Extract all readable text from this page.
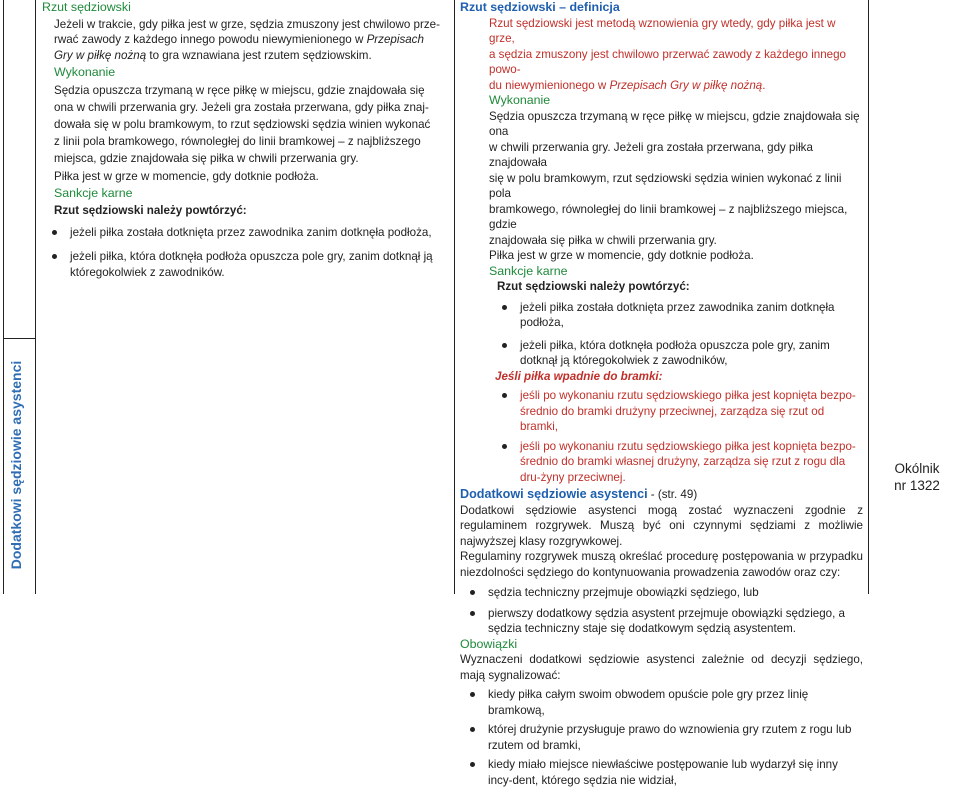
Dodatkowi sędziowie asystenci

Rzut sędziowski

Jeżeli w trakcie, gdy piłka jest w grze, sędzia zmuszony jest chwilowo prze-

rwać zawody z każdego innego powodu niewymienionego w Przepisach

Gry w piłkę nożną to gra wznawiana jest rzutem sędziowskim.

Wykonanie

Sędzia opuszcza trzymaną w ręce piłkę w miejscu, gdzie znajdowała się

ona w chwili przerwania gry. Jeżeli gra została przerwana, gdy piłka znaj-

dowała się w polu bramkowym, to rzut sędziowski sędzia winien wykonać

z linii pola bramkowego, równoległej do linii bramkowej – z najbliższego

miejsca, gdzie znajdowała się piłka w chwili przerwania gry.

Piłka jest w grze w momencie, gdy dotknie podłoża.

Sankcje karne

Rzut sędziowski należy powtórzyć:

jeżeli piłka została dotknięta przez zawodnika zanim dotknęła podłoża,
jeżeli piłka, która dotknęła podłoża opuszcza pole gry, zanim dotknął ją któregokolwiek z zawodników.

Rzut sędziowski – definicja

Rzut sędziowski jest metodą wznowienia gry wtedy, gdy piłka jest w grze,

a sędzia zmuszony jest chwilowo przerwać zawody z każdego innego powo-

du niewymienionego w Przepisach Gry w piłkę nożną.

Wykonanie

Sędzia opuszcza trzymaną w ręce piłkę w miejscu, gdzie znajdowała się ona

w chwili przerwania gry. Jeżeli gra została przerwana, gdy piłka znajdowała

się w polu bramkowym, rzut sędziowski sędzia winien wykonać z linii pola

bramkowego, równoległej do linii bramkowej – z najbliższego miejsca, gdzie

znajdowała się piłka w chwili przerwania gry.

Piłka jest w grze w momencie, gdy dotknie podłoża.

Sankcje karne

Rzut sędziowski należy powtórzyć:

jeżeli piłka została dotknięta przez zawodnika zanim dotknęła podłoża,
jeżeli piłka, która dotknęła podłoża opuszcza pole gry, zanim dotknął ją któregokolwiek z zawodników,

Jeśli piłka wpadnie do bramki:

jeśli po wykonaniu rzutu sędziowskiego piłka jest kopnięta bezpo-średnio do bramki drużyny przeciwnej, zarządza się rzut od bramki,
jeśli po wykonaniu rzutu sędziowskiego piłka jest kopnięta bezpo-średnio do bramki własnej drużyny, zarządza się rzut z rogu dla dru-żyny przeciwnej.

Dodatkowi sędziowie asystenci - (str. 49)

Dodatkowi sędziowie asystenci mogą zostać wyznaczeni zgodnie z regulaminem rozgrywek. Muszą być oni czynnymi sędziami z możliwie najwyższej klasy rozgrywkowej.

Regulaminy rozgrywek muszą określać procedurę postępowania w przypadku niezdolności sędziego do kontynuowania prowadzenia zawodów oraz czy:

sędzia techniczny przejmuje obowiązki sędziego, lub
pierwszy dodatkowy sędzia asystent przejmuje obowiązki sędziego, a sędzia techniczny staje się dodatkowym sędzią asystentem.

Obowiązki

Wyznaczeni dodatkowi sędziowie asystenci zależnie od decyzji sędziego, mają sygnalizować:

kiedy piłka całym swoim obwodem opuście pole gry przez linię bramkową,
której drużynie przysługuje prawo do wznowienia gry rzutem z rogu lub rzutem od bramki,
kiedy miało miejsce niewłaściwe postępowanie lub wydarzył się inny incy-dent, którego sędzia nie widział,
Okólnik
nr 1322
